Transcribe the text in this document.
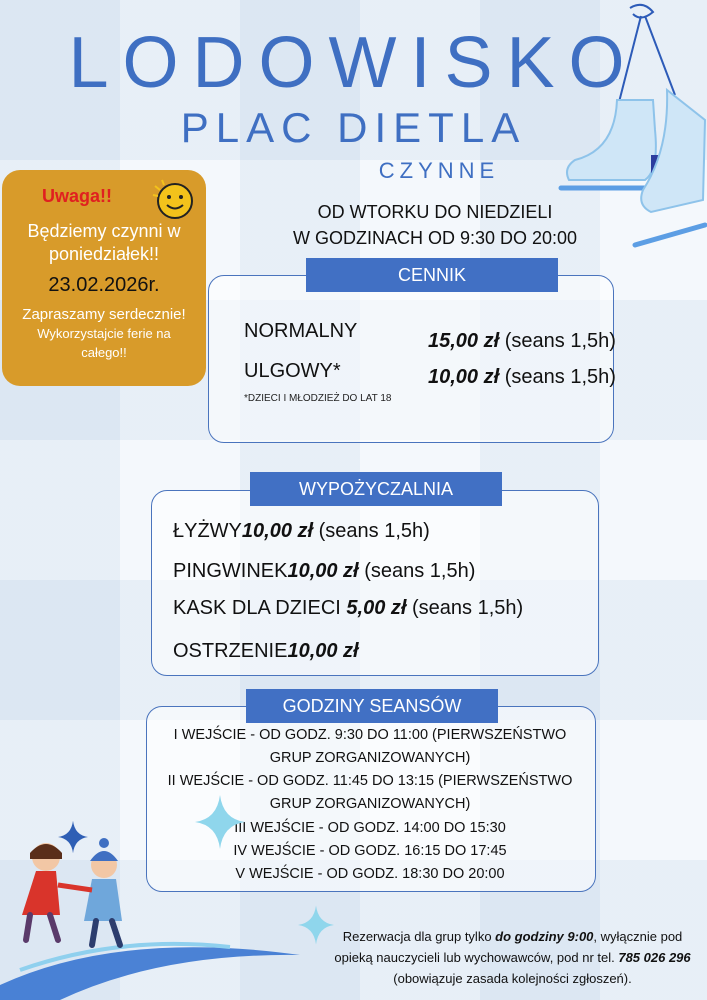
LODOWISKO
PLAC DIETLA
CZYNNE
OD WTORKU DO NIEDZIELI
W GODZINACH OD 9:30 DO 20:00
Uwaga!!
Będziemy czynni w
poniedziałek!!
23.02.2026r.
Zapraszamy serdecznie!
Wykorzystajcie ferie na
całego!!
CENNIK
NORMALNY	15,00 zł (seans 1,5h)
ULGOWY*	10,00 zł (seans 1,5h)
*DZIECI I MŁODZIEŻ DO LAT 18
WYPOŻYCZALNIA
ŁYŻWY10,00 zł (seans 1,5h)
PINGWINEK10,00 zł (seans 1,5h)
KASK DLA DZIECI 5,00 zł (seans 1,5h)
OSTRZENIE10,00 zł
GODZINY SEANSÓW
I WEJŚCIE - OD GODZ. 9:30 DO 11:00 (PIERWSZEŃSTWO
GRUP ZORGANIZOWANYCH)
II WEJŚCIE - OD GODZ. 11:45 DO 13:15 (PIERWSZEŃSTWO
GRUP ZORGANIZOWANYCH)
III WEJŚCIE - OD GODZ. 14:00 DO 15:30
IV WEJŚCIE - OD GODZ. 16:15 DO 17:45
V WEJŚCIE - OD GODZ. 18:30 DO 20:00
Rezerwacja dla grup tylko do godziny 9:00, wyłącznie pod
opieką nauczycieli lub wychowawców, pod nr tel. 785 026 296
(obowiązuje zasada kolejności zgłoszeń).
